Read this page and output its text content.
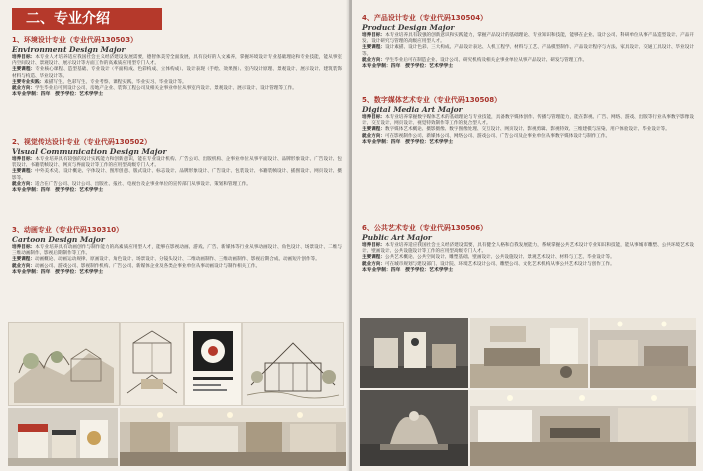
二、专业介绍
1、环境设计专业（专业代码130503）
Environment Design Major
培养目标：本专业人才培养适应我国社会主义经济建设发展需要，德智体美劳全面发展，具有良好的人文素养，掌握环境设计专业基础理论和专业技能，能从事室内空间设计、景观设计、展示设计等方面工作的高素质应用型专门人才。
主要课程：专业核心课程、造型基础、专业设计（平面构成、色彩构成、立体构成）、设计表现（手绘、效果图）、室内设计原理、景观设计、展示设计、建筑装饰材料与构造、毕业设计等。
主要专业实践：素描写生、色彩写生、专业考察、课程实践、毕业实习、毕业设计等。
就业方向：学生毕业后可到设计公司、房地产企业、装饰工程公司及相关企事业单位从事室内设计、景观设计、展示设计、设计管理等工作。
本专业学制：四年　授予学位：艺术学学士
2、视觉传达设计专业（专业代码130502）
Visual Communication Design Major
培养目标：本专业培养具有较强的设计实践能力和创新意识，能在专业设计机构、广告公司、出版机构、企事业单位从事平面设计、品牌形象设计、广告设计、包装设计、书籍装帧设计、网页与界面设计等工作的应用型高级专门人才。
主要课程：中外美术史、设计概论、字体设计、图形创意、版式设计、标志设计、品牌形象设计、广告设计、包装设计、书籍装帧设计、插图设计、网页设计、摄影等。
就业方向：适合在广告公司、设计公司、出版社、报社、电视台及企事业单位的宣传部门从事设计、策划和管理工作。
本专业学制：四年　授予学位：艺术学学士
3、动画专业（专业代码130310）
Cartoon Design Major
培养目标：本专业培养具有动画创作与制作能力的高素质应用型人才，能够在影视动画、游戏、广告、新媒体等行业从事动画设计、角色设计、场景设计、二维与三维动画制作、影视后期制作等工作。
主要课程：动画概论、动画运动规律、原画设计、角色设计、场景设计、分镜头设计、二维动画制作、三维动画制作、影视后期合成、动画短片创作等。
就业方向：动画公司、游戏公司、影视制作机构、广告公司、新媒体企业及各类企事业单位从事动画设计与制作相关工作。
本专业学制：四年　授予学位：艺术学学士
4、产品设计专业（专业代码130504）
Product Design Major
培养目标：本专业培养具有较强的创新意识和实践能力，掌握产品设计的基础理论、专业知识和技能，能够在企业、设计公司、科研单位从事产品造型设计、产品开发、设计研究与管理的高级应用型人才。
主要课程：设计素描、设计色彩、三大构成、产品设计表达、人机工程学、材料与工艺、产品模型制作、产品设计程序与方法、家具设计、交通工具设计、毕业设计等。
就业方向：学生毕业后可在制造企业、设计公司、研究机构及相关企事业单位从事产品设计、研发与管理工作。
本专业学制：四年　授予学位：艺术学学士
5、数字媒体艺术专业（专业代码130508）
Digital Media Art Major
培养目标：本专业培养掌握数字媒体艺术的基础理论与专业技能，具备数字媒体创作、传播与管理能力，能在影视、广告、网络、游戏、出版等行业从事数字影像设计、交互设计、网页设计、视觉特效制作等工作的复合型人才。
主要课程：数字媒体艺术概论、摄影摄像、数字图像处理、交互设计、网页设计、影视剪辑、影视特效、三维建模与渲染、用户体验设计、毕业设计等。
就业方向：可在影视制作公司、新媒体公司、网络公司、游戏公司、广告公司及企事业单位从事数字媒体设计与制作工作。
本专业学制：四年　授予学位：艺术学学士
6、公共艺术专业（专业代码130506）
Public Art Major
培养目标：本专业培养适应我国社会主义经济建设需要，具有健全人格和自我发展能力，系统掌握公共艺术设计专业知识和技能，能从事城市雕塑、公共环境艺术设计、壁画设计、公共设施设计等工作的应用型高级专门人才。
主要课程：公共艺术概论、公共空间设计、雕塑基础、壁画设计、公共设施设计、景观艺术设计、材料与工艺、毕业设计等。
就业方向：可在城市规划与建设部门、设计院、环境艺术设计公司、雕塑公司、文化艺术机构从事公共艺术设计与创作工作。
本专业学制：四年　授予学位：艺术学学士
